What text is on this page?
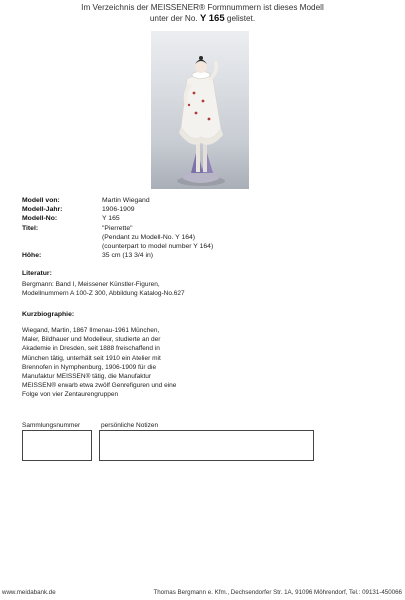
Im Verzeichnis der MEISSENER® Formnummern ist dieses Modell
unter der No. Y 165 gelistet.
Modell von:	Martin Wiegand
Modell-Jahr:	1906-1909
Modell-No:	Y 165
Titel:	"Pierrette"
(Pendant zu Modell-No. Y 164)
(counterpart to model number Y 164)
Höhe:	35 cm (13 3/4 in)
Literatur:
Bergmann: Band I, Meissener Künstler-Figuren,
Modellnummern A 100-Z 300, Abbildung Katalog-No.627
Kurzbiographie:
Wiegand, Martin, 1867 Ilmenau-1961 München,
Maler, Bildhauer und Modelleur, studierte an der
Akademie in Dresden, seit 1888 freischaffend in
München tätig, unterhält seit 1910 ein Atelier mit
Brennofen in Nymphenburg, 1906-1909 für die
Manufaktur MEISSEN® tätig, die Manufaktur
MEISSEN® erwarb etwa zwölf Genrefiguren und eine
Folge von vier Zentaurengruppen
Sammlungsnummer	persönliche Notizen
www.meidabank.de	Thomas Bergmann e. Kfm., Dechsendorfer Str. 1A, 91096 Möhrendorf, Tel.: 09131-450066
